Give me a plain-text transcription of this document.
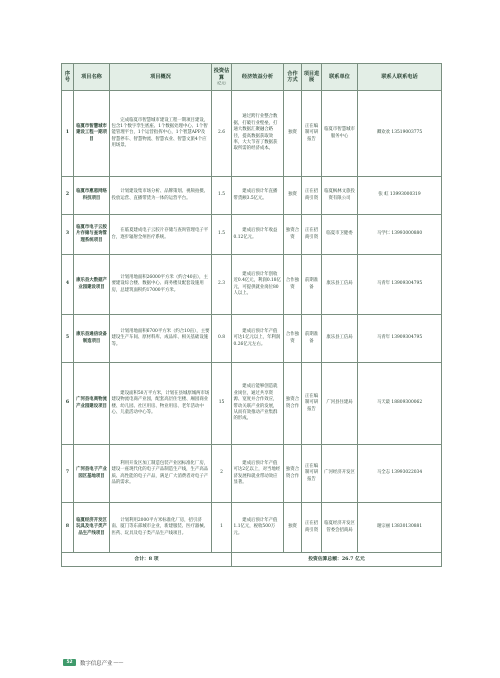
序号	项目名称	项目概况	投资估算
（亿元）	经济效益分析	合作方式	项目进展	联系单位	联系人联系电话
1	临夏市智慧城市建设工程一期项目	完成临夏市智慧城市建设工程一期项目建设，包含1个数字孪生底座、1个数据处理中心、1个智能管理平台，1个运营指挥中心，1个智慧APP及智慧停车、智慧物流、智慧农业、智慧文旅4个应用场景。	2.6	通过跨行业整合数据，打破行业壁垒，打通大数据汇聚融合路径，提高数据获取效率，大大节省了数据获取所需的经济成本。	独资	正在编制可研报告	临夏市智慧城市服务中心	卿欢欢 13519003775
2	临夏市惠恩网络科技项目	计划建设集市场分析、品牌策划、视频拍摄、投放运营、直播带货为一体的运营平台。	1.5	建成后预计年直播带货额3.5亿元。	独资	正在招商引资	临夏枫林文旅投资有限公司	张 虹 13993000319
3	临夏市电子云胶片存储与查询管理系统项目	在临夏建成电子云胶片存储与查询管理电子平台，逐步辐射全州医疗系统。	1.5	建成后预计年收益0.12亿元。	独资合资	正在招商引资	临夏市卫健委	马学仁 13993000880
4	康乐县大数据产业园建设项目	计划用地面积26000平方米（约合40亩），主要建设综合楼、数据中心、商务楼及配套设施用房，总建筑面积约17000平方米。	2.3	建成后预计年创收近0.4亿元，利润0.18亿元，可提供就业岗位80人以上。	合作独资	前期准备	康乐县工信局	马青年 13909304795
5	康乐县通信设备制造项目	计划用地面积6700平方米（约合10亩），主要建设生产车间、原材料库、成品库、相关基础设施等。	0.8	建成后预计年产值可达1亿元以上，年利润0.26亿元左右。	合作独资	前期准备	康乐县工信局	马青年 13909304795
6	广河县电商物流产业园建设项目	建设面积50万平方米，计划在县城原城两市场建设物流电商产业园，配套高层住宅楼、厢园商业楼、幼儿园、社区用房、物业用房、老年活动中心、儿童活动中心等。	15	建成后能够创造就业岗位，通过共享资源、宽度并合作效应，带动关联产业的发展，从而有效推动产业集群的形成。	独资合资合作	正在编制可研报告	广河县住建局	马天最 18809300062
7	广河县电子产业园区基地项目	利用开发区加工制造包装产业园标准化厂房，建设一座现代化的电子产品制造生产线，生产高品质、高性能的电子产品，满足广大消费者对电子产品的需求。	2	建成后预计年产值可达2亿以上，对当地经济发展和就业带动效应显著。	独资合资合作	正在编制可研报告	广河经济开发区	马全志 13993022034
8	临夏经济开发区玩具及电子类产品生产线项目	计划利用2000平方米标准化厂房，招引济南、厦门等东部城市企业，新建服装、医疗器械、医药、玩具及电子类产品生产线项目。	1	建成后预计年产值1.1亿元，税收500万元。	独资	正在招商引资	临夏经济开发区管委会招商局	谢宗丽 13830130881
合计：8 项				投资估算总额：26.7 亿元				
52	数字信息产业 ——
